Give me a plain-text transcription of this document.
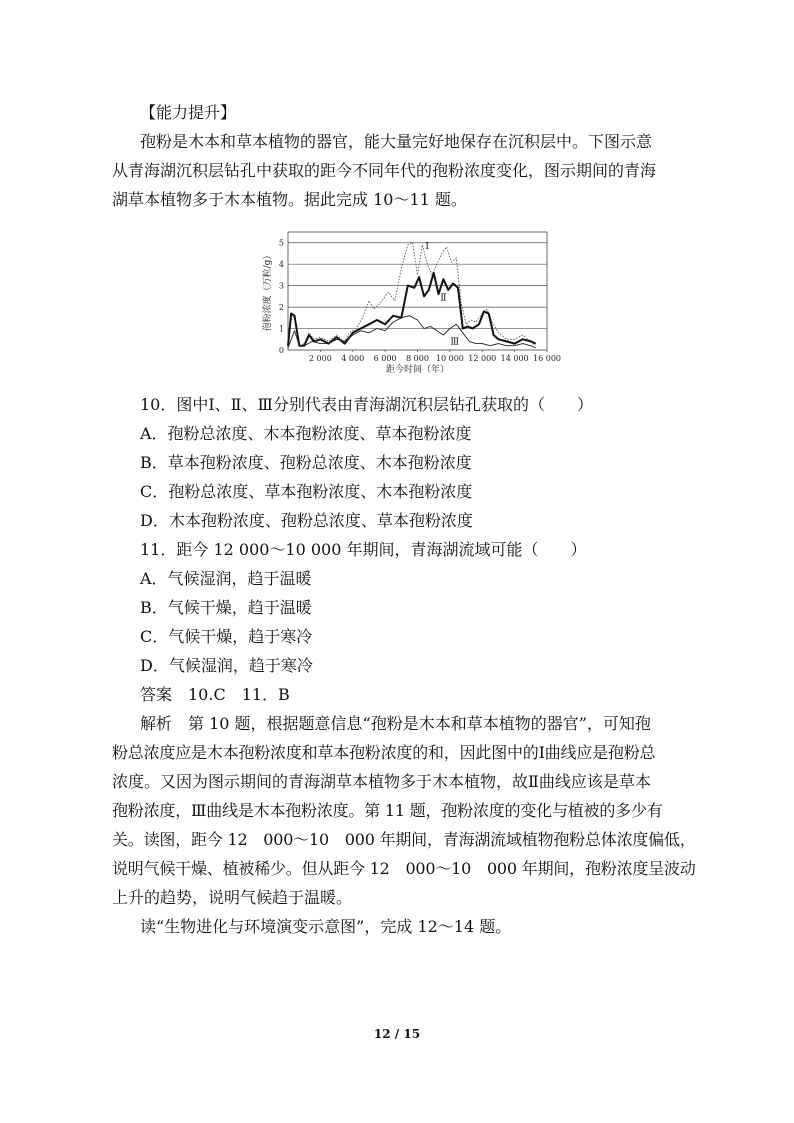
【能力提升】
孢粉是木本和草本植物的器官，能大量完好地保存在沉积层中。下图示意
从青海湖沉积层钻孔中获取的距今不同年代的孢粉浓度变化，图示期间的青海
湖草本植物多于木本植物。据此完成 10～11 题。
0
1
2
3
4
5
2 000 4 000 6 000 8 000 10 000 12 000 14 000 16 000
Ⅰ
Ⅱ
Ⅲ
孢粉浓度（万粒/g）
距今时间（年）
10．图中Ⅰ、Ⅱ、Ⅲ分别代表由青海湖沉积层钻孔获取的（　　）
A．孢粉总浓度、木本孢粉浓度、草本孢粉浓度
B．草本孢粉浓度、孢粉总浓度、木本孢粉浓度
C．孢粉总浓度、草本孢粉浓度、木本孢粉浓度
D．木本孢粉浓度、孢粉总浓度、草本孢粉浓度
11．距今 12 000～10 000 年期间，青海湖流域可能（　　）
A．气候湿润，趋于温暖
B．气候干燥，趋于温暖
C．气候干燥，趋于寒冷
D．气候湿润，趋于寒冷
答案　10.C　11．B
解析　第 10 题，根据题意信息“孢粉是木本和草本植物的器官”，可知孢
粉总浓度应是木本孢粉浓度和草本孢粉浓度的和，因此图中的Ⅰ曲线应是孢粉总
浓度。又因为图示期间的青海湖草本植物多于木本植物，故Ⅱ曲线应该是草本
孢粉浓度，Ⅲ曲线是木本孢粉浓度。第 11 题，孢粉浓度的变化与植被的多少有
关。读图，距今 12　000～10　000 年期间，青海湖流域植物孢粉总体浓度偏低，
说明气候干燥、植被稀少。但从距今 12　000～10　000 年期间，孢粉浓度呈波动
上升的趋势，说明气候趋于温暖。
读“生物进化与环境演变示意图”，完成 12～14 题。
12 / 15
